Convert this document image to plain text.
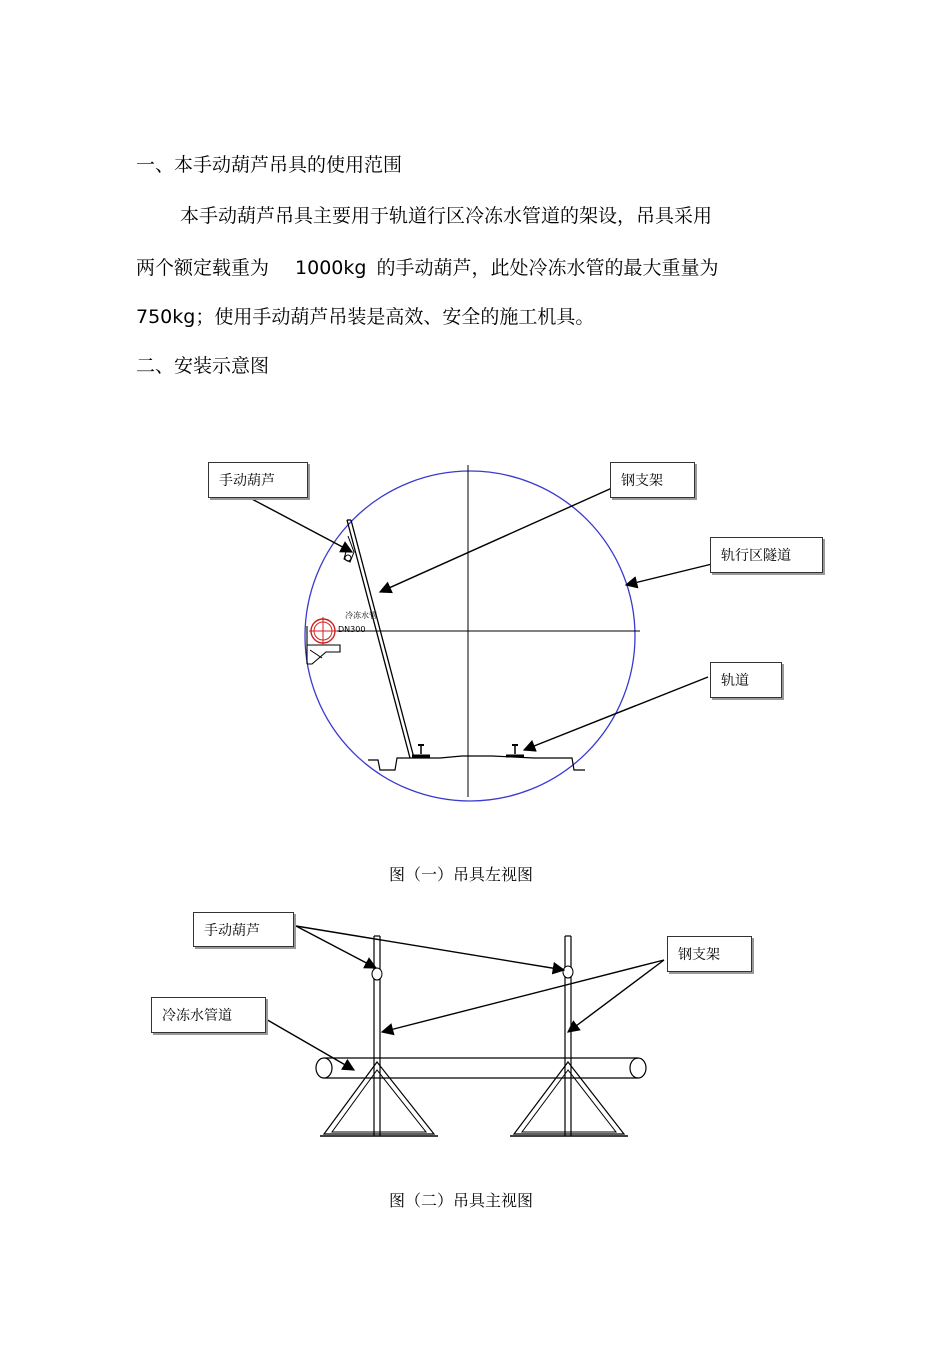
一、本手动葫芦吊具的使用范围
本手动葫芦吊具主要用于轨道行区冷冻水管道的架设，吊具采用
两个额定载重为 1000kg 的手动葫芦，此处冷冻水管的最大重量为
750kg；使用手动葫芦吊装是高效、安全的施工机具。
二、安装示意图
冷冻水管
DN300
手动葫芦	钢支架
轨行区隧道
轨道
图（一）吊具左视图
手动葫芦
钢支架
冷冻水管道
图（二）吊具主视图
